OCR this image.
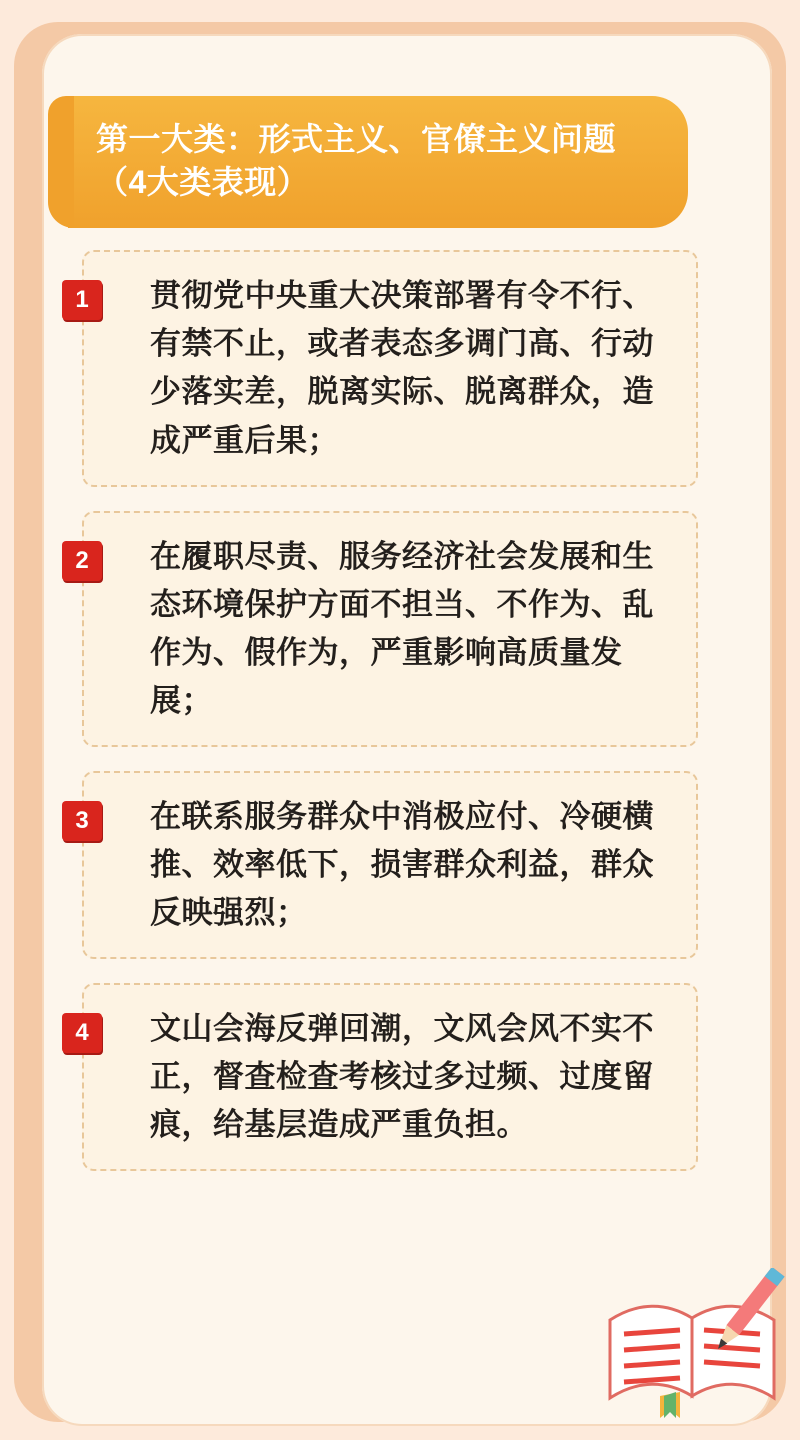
第一大类：形式主义、官僚主义问题（4大类表现）
1	贯彻党中央重大决策部署有令不行、有禁不止，或者表态多调门高、行动少落实差，脱离实际、脱离群众，造成严重后果；
2	在履职尽责、服务经济社会发展和生态环境保护方面不担当、不作为、乱作为、假作为，严重影响高质量发展；
3	在联系服务群众中消极应付、冷硬横推、效率低下，损害群众利益，群众反映强烈；
4	文山会海反弹回潮，文风会风不实不正，督查检查考核过多过频、过度留痕，给基层造成严重负担。
